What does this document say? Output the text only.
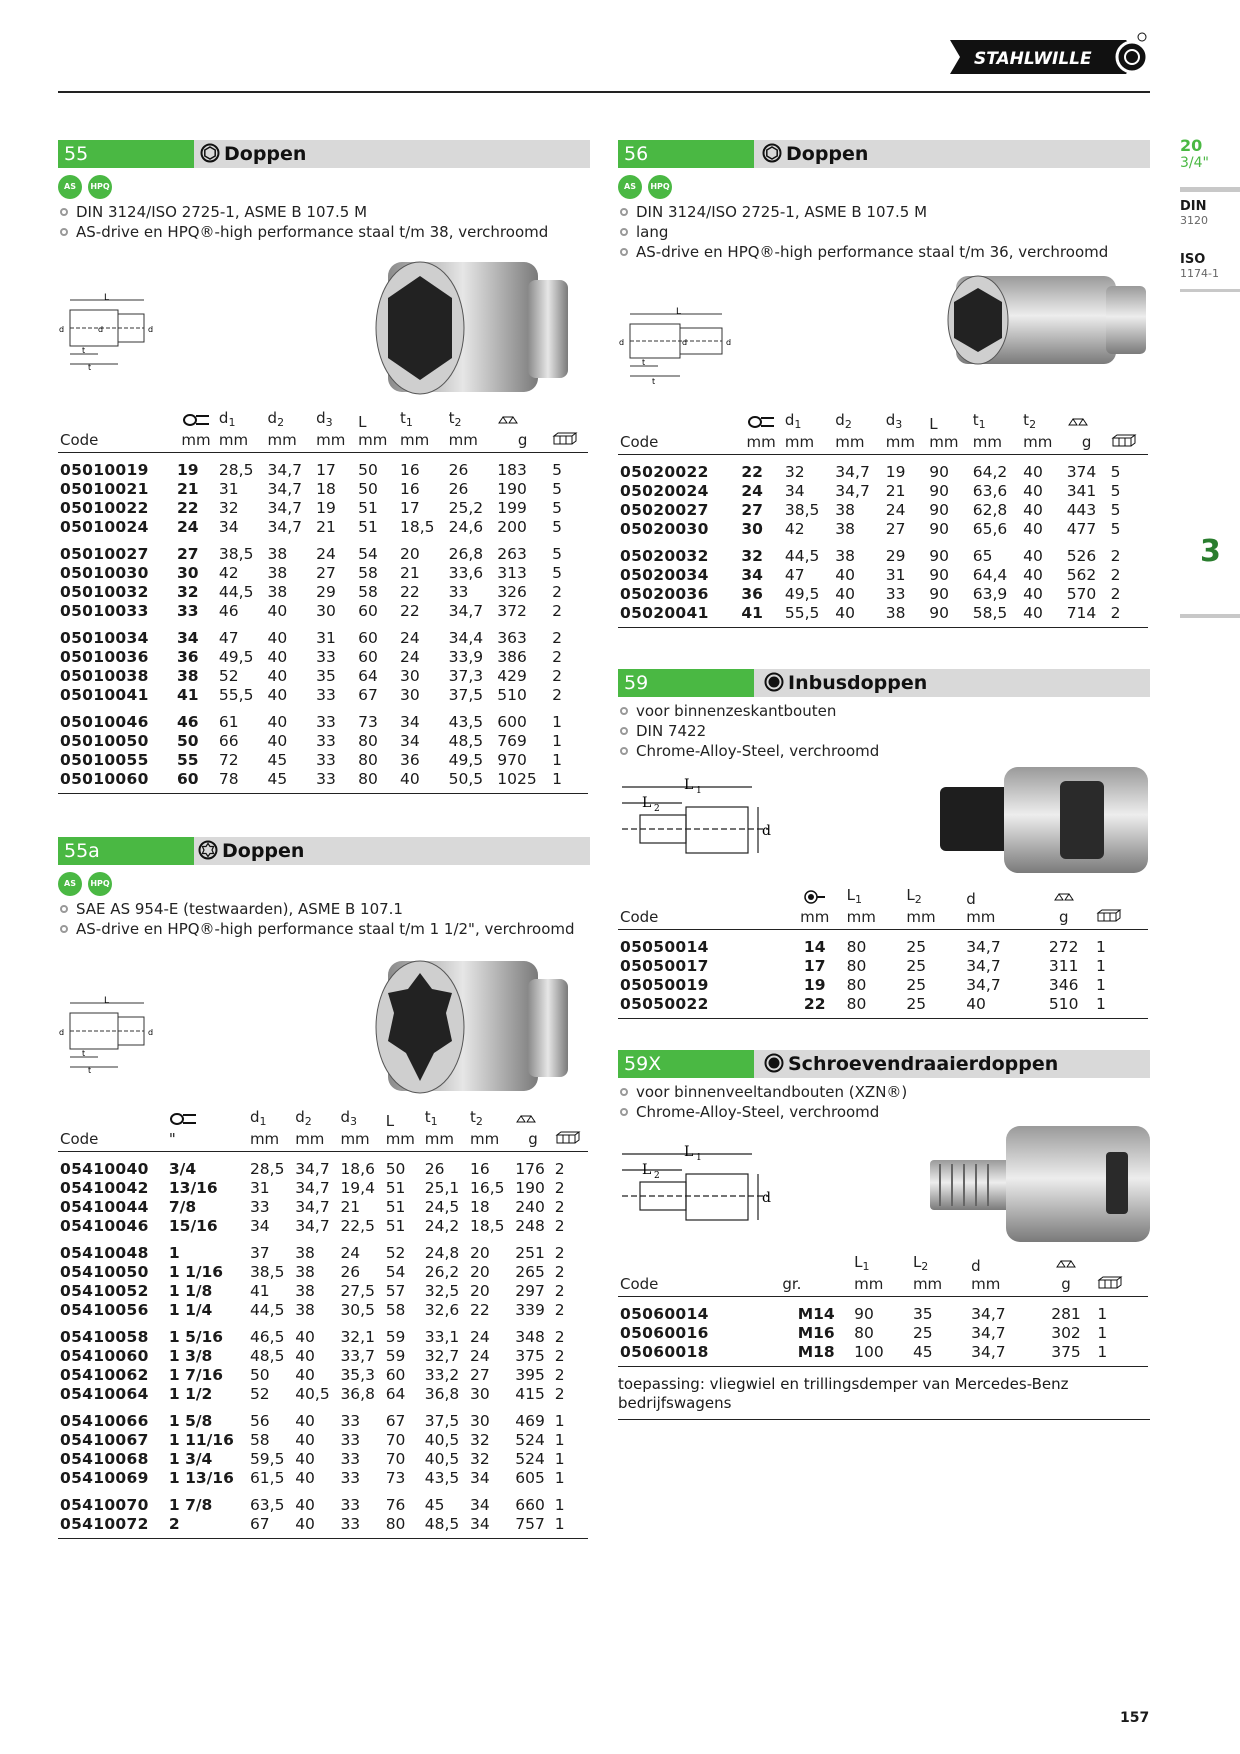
STAHLWILLE
20
3/4"
DIN
3120
ISO
1174-1
3
55	Doppen
AS HPQ
DIN 3124/ISO 2725-1, ASME B 107.5 M
AS-drive en HPQ®-high performance staal t/m 38, verchroomd
L
d	d	d
t
t
		$d_1$	$d_2$	$d_3$	L	$t_1$	$t_2$		
Code	mm	mm	mm	mm	mm	mm	mm	g	
05010019	19	28,5	34,7	17	50	16	26	183	5
05010021	21	31	34,7	18	50	16	26	190	5
05010022	22	32	34,7	19	51	17	25,2	199	5
05010024	24	34	34,7	21	51	18,5	24,6	200	5
05010027	27	38,5	38	24	54	20	26,8	263	5
05010030	30	42	38	27	58	21	33,6	313	5
05010032	32	44,5	38	29	58	22	33	326	2
05010033	33	46	40	30	60	22	34,7	372	2
05010034	34	47	40	31	60	24	34,4	363	2
05010036	36	49,5	40	33	60	24	33,9	386	2
05010038	38	52	40	35	64	30	37,3	429	2
05010041	41	55,5	40	33	67	30	37,5	510	2
05010046	46	61	40	33	73	34	43,5	600	1
05010050	50	66	40	33	80	34	48,5	769	1
05010055	55	72	45	33	80	36	49,5	970	1
05010060	60	78	45	33	80	40	50,5	1025	1

55a	Doppen
AS HPQ
SAE AS 954-E (testwaarden), ASME B 107.1
AS-drive en HPQ®-high performance staal t/m 1 1/2", verchroomd
L
d	d
t
t
		$d_1$	$d_2$	$d_3$	L	$t_1$	$t_2$		
Code	"	mm	mm	mm	mm	mm	mm	g	
05410040	3/4	28,5	34,7	18,6	50	26	16	176	2
05410042	13/16	31	34,7	19,4	51	25,1	16,5	190	2
05410044	7/8	33	34,7	21	51	24,5	18	240	2
05410046	15/16	34	34,7	22,5	51	24,2	18,5	248	2
05410048	1	37	38	24	52	24,8	20	251	2
05410050	1 1/16	38,5	38	26	54	26,2	20	265	2
05410052	1 1/8	41	38	27,5	57	32,5	20	297	2
05410056	1 1/4	44,5	38	30,5	58	32,6	22	339	2
05410058	1 5/16	46,5	40	32,1	59	33,1	24	348	2
05410060	1 3/8	48,5	40	33,7	59	32,7	24	375	2
05410062	1 7/16	50	40	35,3	60	33,2	27	395	2
05410064	1 1/2	52	40,5	36,8	64	36,8	30	415	2
05410066	1 5/8	56	40	33	67	37,5	30	469	1
05410067	1 11/16	58	40	33	70	40,5	32	524	1
05410068	1 3/4	59,5	40	33	70	40,5	32	524	1
05410069	1 13/16	61,5	40	33	73	43,5	34	605	1
05410070	1 7/8	63,5	40	33	76	45	34	660	1
05410072	2	67	40	33	80	48,5	34	757	1

56	Doppen
AS HPQ
DIN 3124/ISO 2725-1, ASME B 107.5 M
lang
AS-drive en HPQ®-high performance staal t/m 36, verchroomd
L
d	d	d
t
t
		$d_1$	$d_2$	$d_3$	L	$t_1$	$t_2$		
Code	mm	mm	mm	mm	mm	mm	mm	g	
05020022	22	32	34,7	19	90	64,2	40	374	5
05020024	24	34	34,7	21	90	63,6	40	341	5
05020027	27	38,5	38	24	90	62,8	40	443	5
05020030	30	42	38	27	90	65,6	40	477	5
05020032	32	44,5	38	29	90	65	40	526	2
05020034	34	47	40	31	90	64,4	40	562	2
05020036	36	49,5	40	33	90	63,9	40	570	2
05020041	41	55,5	40	38	90	58,5	40	714	2

59	Inbusdoppen
voor binnenzeskantbouten
DIN 7422
Chrome-Alloy-Steel, verchroomd
L 1
L 2
d
		$L_1$	$L_2$	d		
Code	mm	mm	mm	mm	g	
05050014	14	80	25	34,7	272	1
05050017	17	80	25	34,7	311	1
05050019	19	80	25	34,7	346	1
05050022	22	80	25	40	510	1

59X	Schroevendraaierdoppen
voor binnenveeltandbouten (XZN®)
Chrome-Alloy-Steel, verchroomd
L 1
L 2
d
		$L_1$	$L_2$	d		
Code	gr.	mm	mm	mm	g	
05060014	M14	90	35	34,7	281	1
05060016	M16	80	25	34,7	302	1
05060018	M18	100	45	34,7	375	1

toepassing: vliegwiel en trillingsdemper van Mercedes-Benz bedrijfswagens
157
